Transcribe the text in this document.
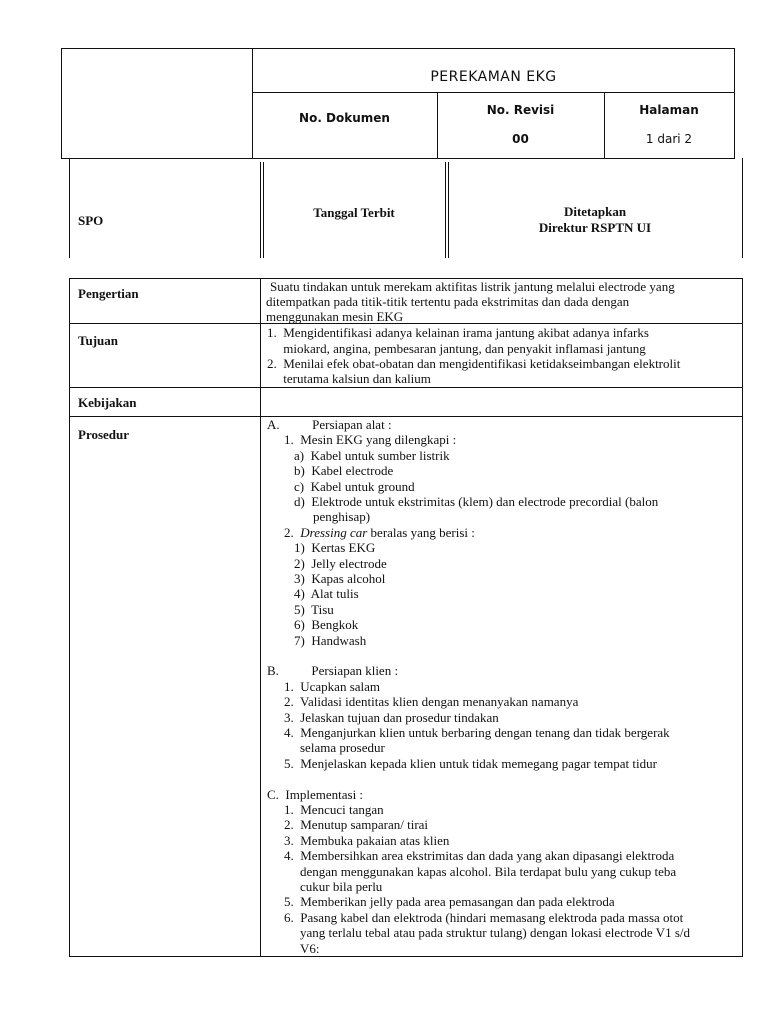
PEREKAMAN EKG
No. Dokumen
No. Revisi
00
Halaman
1 dari 2
SPO
Tanggal Terbit	Ditetapkan
Direktur RSPTN UI
Pengertian
Tujuan
Kebijakan
Prosedur
Suatu tindakan untuk merekam aktifitas listrik jantung melalui electrode yang
ditempatkan pada titik-titik tertentu pada ekstrimitas dan dada dengan
menggunakan mesin EKG
1.  Mengidentifikasi adanya kelainan irama jantung akibat adanya infarks
miokard, angina, pembesaran jantung, dan penyakit inflamasi jantung
2.  Menilai efek obat-obatan dan mengidentifikasi ketidakseimbangan elektrolit
terutama kalsiun dan kalium
A.          Persiapan alat :
1.  Mesin EKG yang dilengkapi :
a)  Kabel untuk sumber listrik
b)  Kabel electrode
c)  Kabel untuk ground
d)  Elektrode untuk ekstrimitas (klem) dan electrode precordial (balon
penghisap)
2.  Dressing car beralas yang berisi :
1)  Kertas EKG
2)  Jelly electrode
3)  Kapas alcohol
4)  Alat tulis
5)  Tisu
6)  Bengkok
7)  Handwash
B.          Persiapan klien :
1.  Ucapkan salam
2.  Validasi identitas klien dengan menanyakan namanya
3.  Jelaskan tujuan dan prosedur tindakan
4.  Menganjurkan klien untuk berbaring dengan tenang dan tidak bergerak
selama prosedur
5.  Menjelaskan kepada klien untuk tidak memegang pagar tempat tidur
C.  Implementasi :
1.  Mencuci tangan
2.  Menutup samparan/ tirai
3.  Membuka pakaian atas klien
4.  Membersihkan area ekstrimitas dan dada yang akan dipasangi elektroda
dengan menggunakan kapas alcohol. Bila terdapat bulu yang cukup teba
cukur bila perlu
5.  Memberikan jelly pada area pemasangan dan pada elektroda
6.  Pasang kabel dan elektroda (hindari memasang elektroda pada massa otot
yang terlalu tebal atau pada struktur tulang) dengan lokasi electrode V1 s/d
V6:
